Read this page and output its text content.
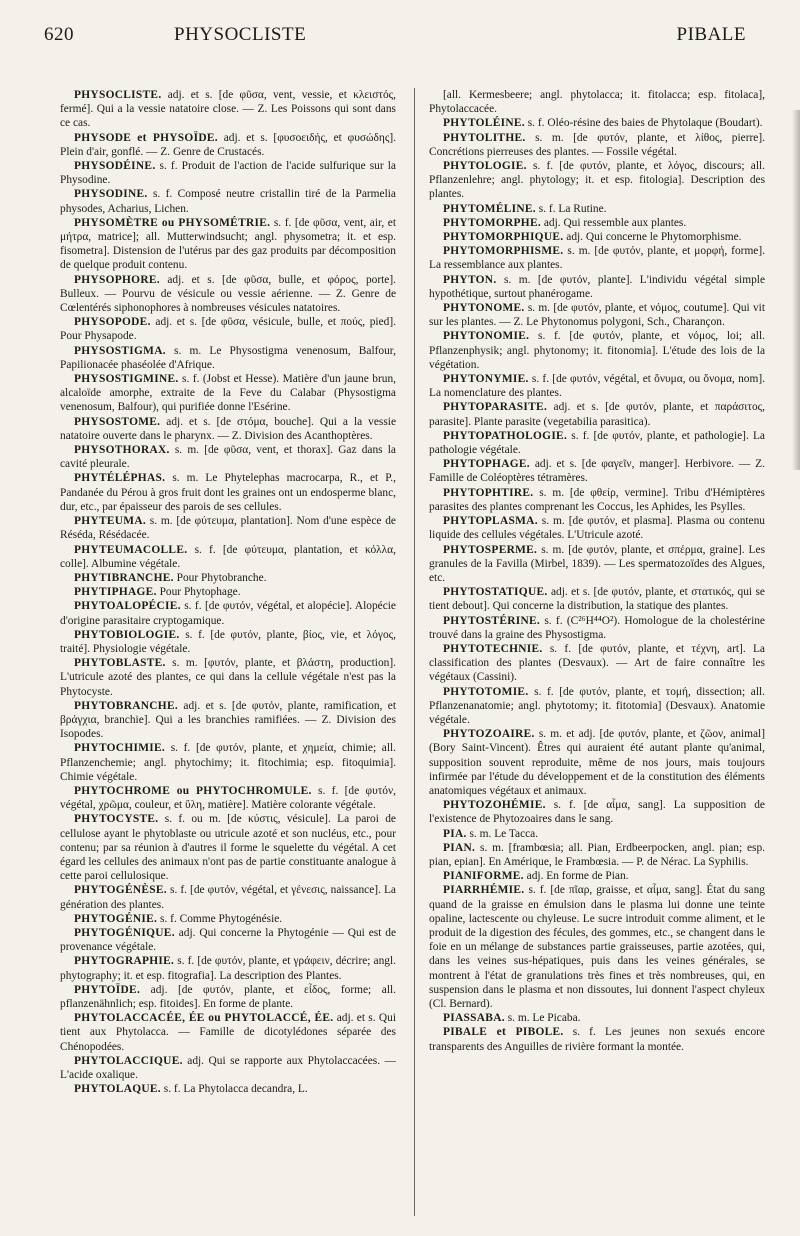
620	PHYSOCLISTE	PIBALE

PHYSOCLISTE. adj. et s. [de φῦσα, vent, vessie, et κλειστός, fermé]. Qui a la vessie natatoire close. — Z. Les Poissons qui sont dans ce cas.

PHYSODE et PHYSOÏDE. adj. et s. [φυσοειδής, et φυσώδης]. Plein d'air, gonflé. — Z. Genre de Crustacés.

PHYSODÉINE. s. f. Produit de l'action de l'acide sulfurique sur la Physodine.

PHYSODINE. s. f. Composé neutre cristallin tiré de la Parmelia physodes, Acharius, Lichen.

PHYSOMÈTRE ou PHYSOMÉTRIE. s. f. [de φῦσα, vent, air, et μήτρα, matrice]; all. Mutterwindsucht; angl. physometra; it. et esp. fisometra]. Distension de l'utérus par des gaz produits par décomposition de quelque produit contenu.

PHYSOPHORE. adj. et s. [de φῦσα, bulle, et φόρος, porte]. Bulleux. — Pourvu de vésicule ou vessie aérienne. — Z. Genre de Cœlentérés siphonophores à nombreuses vésicules natatoires.

PHYSOPODE. adj. et s. [de φῦσα, vésicule, bulle, et πούς, pied]. Pour Physapode.

PHYSOSTIGMA. s. m. Le Physostigma venenosum, Balfour, Papilionacée phaséolée d'Afrique.

PHYSOSTIGMINE. s. f. (Jobst et Hesse). Matière d'un jaune brun, alcaloïde amorphe, extraite de la Feve du Calabar (Physostigma venenosum, Balfour), qui purifiée donne l'Esérine.

PHYSOSTOME. adj. et s. [de στόμα, bouche]. Qui a la vessie natatoire ouverte dans le pharynx. — Z. Division des Acanthoptères.

PHYSOTHORAX. s. m. [de φῦσα, vent, et thorax]. Gaz dans la cavité pleurale.

PHYTÉLÉPHAS. s. m. Le Phytelephas macrocarpa, R., et P., Pandanée du Pérou à gros fruit dont les graines ont un endosperme blanc, dur, etc., par épaisseur des parois de ses cellules.

PHYTEUMA. s. m. [de φύτευμα, plantation]. Nom d'une espèce de Réséda, Résédacée.

PHYTEUMACOLLE. s. f. [de φύτευμα, plantation, et κόλλα, colle]. Albumine végétale.

PHYTIBRANCHE. Pour Phytobranche.

PHYTIPHAGE. Pour Phytophage.

PHYTOALOPÉCIE. s. f. [de φυτόν, végétal, et alopécie]. Alopécie d'origine parasitaire cryptogamique.

PHYTOBIOLOGIE. s. f. [de φυτόν, plante, βίος, vie, et λόγος, traité]. Physiologie végétale.

PHYTOBLASTE. s. m. [φυτόν, plante, et βλάστη, production]. L'utricule azoté des plantes, ce qui dans la cellule végétale n'est pas la Phytocyste.

PHYTOBRANCHE. adj. et s. [de φυτόν, plante, ramification, et βράγχια, branchie]. Qui a les branchies ramifiées. — Z. Division des Isopodes.

PHYTOCHIMIE. s. f. [de φυτόν, plante, et χημεία, chimie; all. Pflanzenchemie; angl. phytochimy; it. fitochimia; esp. fitoquimia]. Chimie végétale.

PHYTOCHROME ou PHYTOCHROMULE. s. f. [de φυτόν, végétal, χρῶμα, couleur, et ὕλη, matière]. Matière colorante végétale.

PHYTOCYSTE. s. f. ou m. [de κύστις, vésicule]. La paroi de cellulose ayant le phytoblaste ou utricule azoté et son nucléus, etc., pour contenu; par sa réunion à d'autres il forme le squelette du végétal. A cet égard les cellules des animaux n'ont pas de partie constituante analogue à cette paroi cellulosique.

PHYTOGÉNÈSE. s. f. [de φυτόν, végétal, et γένεσις, naissance]. La génération des plantes.

PHYTOGÉNIE. s. f. Comme Phytogénésie.

PHYTOGÉNIQUE. adj. Qui concerne la Phytogénie — Qui est de provenance végétale.

PHYTOGRAPHIE. s. f. [de φυτόν, plante, et γράφειν, décrire; angl. phytography; it. et esp. fitografia]. La description des Plantes.

PHYTOÏDE. adj. [de φυτόν, plante, et εἶδος, forme; all. pflanzenähnlich; esp. fitoides]. En forme de plante.

PHYTOLACCACÉE, ÉE ou PHYTOLACCÉ, ÉE. adj. et s. Qui tient aux Phytolacca. — Famille de dicotylédones séparée des Chénopodées.

PHYTOLACCIQUE. adj. Qui se rapporte aux Phytolaccacées. — L'acide oxalique.

PHYTOLAQUE. s. f. La Phytolacca decandra, L.

[all. Kermesbeere; angl. phytolacca; it. fitolacca; esp. fitolaca], Phytolaccacée.

PHYTOLÉINE. s. f. Oléo-résine des baies de Phytolaque (Boudart).

PHYTOLITHE. s. m. [de φυτόν, plante, et λίθος, pierre]. Concrétions pierreuses des plantes. — Fossile végétal.

PHYTOLOGIE. s. f. [de φυτόν, plante, et λόγος, discours; all. Pflanzenlehre; angl. phytology; it. et esp. fitologia]. Description des plantes.

PHYTOMÉLINE. s. f. La Rutine.

PHYTOMORPHE. adj. Qui ressemble aux plantes.

PHYTOMORPHIQUE. adj. Qui concerne le Phytomorphisme.

PHYTOMORPHISME. s. m. [de φυτόν, plante, et μορφή, forme]. La ressemblance aux plantes.

PHYTON. s. m. [de φυτόν, plante]. L'individu végétal simple hypothétique, surtout phanérogame.

PHYTONOME. s. m. [de φυτόν, plante, et νόμος, coutume]. Qui vit sur les plantes. — Z. Le Phytonomus polygoni, Sch., Charançon.

PHYTONOMIE. s. f. [de φυτόν, plante, et νόμος, loi; all. Pflanzenphysik; angl. phytonomy; it. fitonomia]. L'étude des lois de la végétation.

PHYTONYMIE. s. f. [de φυτόν, végétal, et ὄνυμα, ou ὄνομα, nom]. La nomenclature des plantes.

PHYTOPARASITE. adj. et s. [de φυτόν, plante, et παράσιτος, parasite]. Plante parasite (vegetabilia parasitica).

PHYTOPATHOLOGIE. s. f. [de φυτόν, plante, et pathologie]. La pathologie végétale.

PHYTOPHAGE. adj. et s. [de φαγεῖν, manger]. Herbivore. — Z. Famille de Coléoptères tétramères.

PHYTOPHTIRE. s. m. [de φθείρ, vermine]. Tribu d'Hémiptères parasites des plantes comprenant les Coccus, les Aphides, les Psylles.

PHYTOPLASMA. s. m. [de φυτόν, et plasma]. Plasma ou contenu liquide des cellules végétales. L'Utricule azoté.

PHYTOSPERME. s. m. [de φυτόν, plante, et σπέρμα, graine]. Les granules de la Favilla (Mirbel, 1839). — Les spermatozoïdes des Algues, etc.

PHYTOSTATIQUE. adj. et s. [de φυτόν, plante, et στατικός, qui se tient debout]. Qui concerne la distribution, la statique des plantes.

PHYTOSTÉRINE. s. f. (C²⁶H⁴⁴O²). Homologue de la cholestérine trouvé dans la graine des Physostigma.

PHYTOTECHNIE. s. f. [de φυτόν, plante, et τέχνη, art]. La classification des plantes (Desvaux). — Art de faire connaître les végétaux (Cassini).

PHYTOTOMIE. s. f. [de φυτόν, plante, et τομή, dissection; all. Pflanzenanatomie; angl. phytotomy; it. fitotomia] (Desvaux). Anatomie végétale.

PHYTOZOAIRE. s. m. et adj. [de φυτόν, plante, et ζῶον, animal] (Bory Saint-Vincent). Êtres qui auraient été autant plante qu'animal, supposition souvent reproduite, même de nos jours, mais toujours infirmée par l'étude du développement et de la constitution des éléments anatomiques végétaux et animaux.

PHYTOZOHÉMIE. s. f. [de αἷμα, sang]. La supposition de l'existence de Phytozoaires dans le sang.

PIA. s. m. Le Tacca.

PIAN. s. m. [frambœsia; all. Pian, Erdbeerpocken, angl. pian; esp. pian, epian]. En Amérique, le Frambœsia. — P. de Nérac. La Syphilis.

PIANIFORME. adj. En forme de Pian.

PIARRHÉMIE. s. f. [de πῖαρ, graisse, et αἷμα, sang]. État du sang quand de la graisse en émulsion dans le plasma lui donne une teinte opaline, lactescente ou chyleuse. Le sucre introduit comme aliment, et le produit de la digestion des fécules, des gommes, etc., se changent dans le foie en un mélange de substances partie graisseuses, partie azotées, qui, dans les veines sus-hépatiques, puis dans les veines générales, se montrent à l'état de granulations très fines et très nombreuses, qui, en suspension dans le plasma et non dissoutes, lui donnent l'aspect chyleux (Cl. Bernard).

PIASSABA. s. m. Le Picaba.

PIBALE et PIBOLE. s. f. Les jeunes non sexués encore transparents des Anguilles de rivière formant la montée.
